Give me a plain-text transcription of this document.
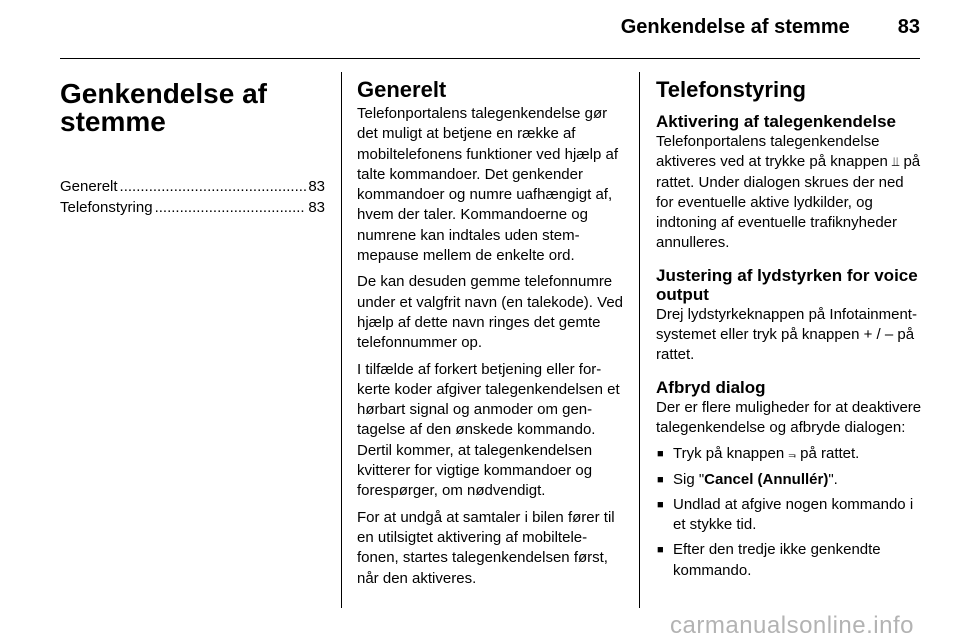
Genkendelse af stemme 83
Genkendelse af stemme
Generelt .....	83
Telefonstyring .....	83
Generelt

Telefonportalens talegenkendelse gør det muligt at betjene en række af mobiltelefonens funktioner ved hjælp af talte kommandoer. Det genkender kommandoer og numre uafhængigt af, hvem der taler. Kommandoerne og numrene kan indtales uden stemmepause mellem de enkelte ord.

De kan desuden gemme telefonnumre under et valgfrit navn (en talekode). Ved hjælp af dette navn ringes det gemte telefonnummer op.

I tilfælde af forkert betjening eller forkerte koder afgiver talegenkendelsen et hørbart signal og anmoder om gentagelse af den ønskede kommando. Dertil kommer, at talegenkendelsen kvitterer for vigtige kommandoer og forespørger, om nødvendigt.

For at undgå at samtaler i bilen fører til en utilsigtet aktivering af mobiltelefonen, startes talegenkendelsen først, når den aktiveres.

Telefonstyring
Aktivering af talegenkendelse

Telefonportalens talegenkendelse aktiveres ved at trykke på knappen ⫫ på rattet. Under dialogen skrues der ned for eventuelle aktive lydkilder, og indtoning af eventuelle trafiknyheder annulleres.

Justering af lydstyrken for voice output

Drej lydstyrkeknappen på Infotainment-systemet eller tryk på knappen + / – på rattet.

Afbryd dialog

Der er flere muligheder for at deaktivere talegenkendelse og afbryde dialogen:

■ Tryk på knappen ⫬ på rattet.
■ Sig "Cancel (Annullér)".
■ Undlad at afgive nogen kommando i et stykke tid.
■ Efter den tredje ikke genkendte kommando.
carmanualsonline.info
